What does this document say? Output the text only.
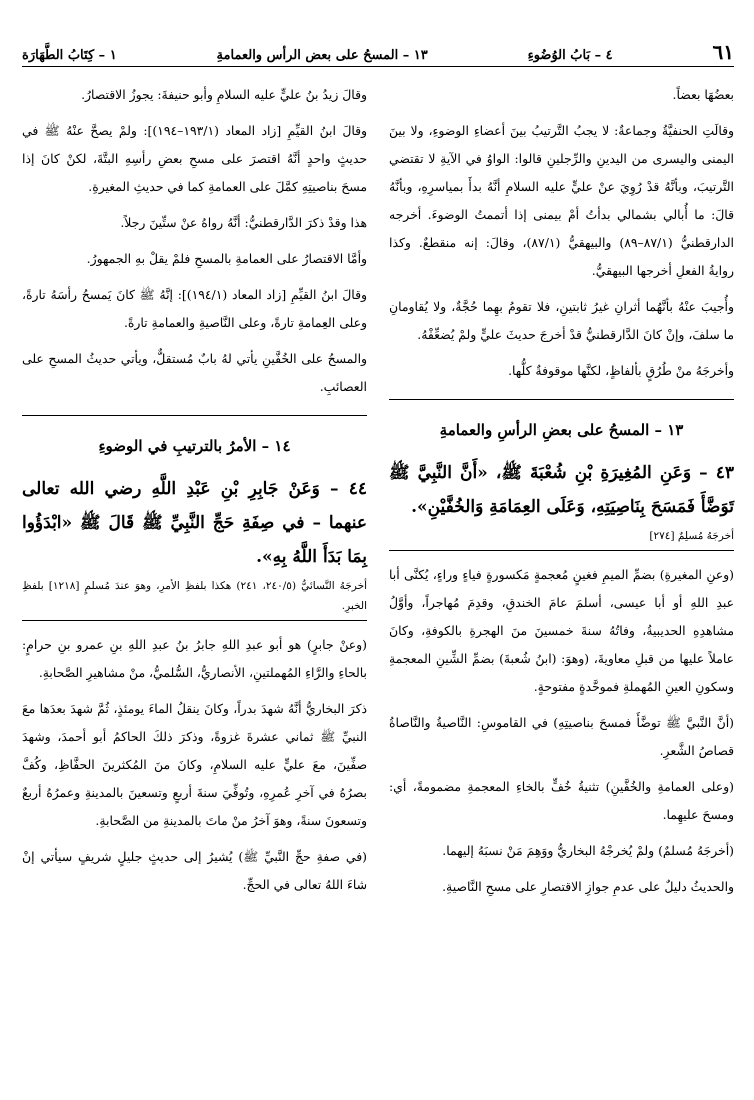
٦١
٤ – بَابُ الوُضُوءِ
١٣ – المسحُ على بعض الرأس والعمامةِ
١ – كِتَابُ الطَّهَارَة

بعضُهَا بعضاً.

وقالَتِ الحنفيَّةُ وجماعةٌ: لا يجبُ التَّرتيبُ بينَ أعضاءِ الوضوءِ، ولا بينَ اليمنى واليسرى من اليدينِ والرِّجلينِ قالوا: الواوُ في الآيةِ لا تقتضي التَّرتيبَ، وبأنَّهُ قدْ رُوِيَ عنْ عليٍّ عليه السلامِ أنَّهُ بدأَ بمياسرِهِ، وبأنَّهُ قالَ: ما أُبالي بشمالي بدأتُ أمْ بيمنى إذا أتممتُ الوضوءَ. أخرجه الدارقطنيُّ (٨٧/١–٨٩) والبيهقيُّ (٨٧/١)، وقالَ: إنه منقطعٌ. وكذا روايةُ الفعلِ أخرجها البيهقيُّ.

وأُجيبَ عنْهُ بأنَّهُما أثرانِ غيرُ ثابتينِ، فلا تقومُ بهِما حُجَّةٌ، ولا يُقاومانِ ما سلفَ، وإنْ كانَ الدَّارقطنيُّ قدْ أخرجَ حديثَ عليٍّ ولمْ يُضعِّفْهُ.

وأخرجَهُ منْ طُرُقٍ بألفاظٍ، لكنَّها موقوفةٌ كلُّها.

١٣ – المسحُ على بعضِ الرأسِ والعمامةِ
٤٣ – وَعَنِ المُغِيرَةِ بْنِ شُعْبَةَ ﷺ، «أَنَّ النَّبِيَّ ﷺ تَوَضَّأَ فَمَسَحَ بِنَاصِيَتِهِ، وَعَلَى العِمَامَةِ وَالخُفَّيْنِ».
أخرجَهُ مُسلِمٌ [٢٧٤]

(وعنِ المغيرةِ) بضمِّ الميمِ فغينٍ مُعجمةٍ مَكسورةٍ فياءٍ وراءٍ، يُكنَّى أبا عبدِ اللهِ أو أبا عيسى، أسلمَ عامَ الخندقِ، وقدِمَ مُهاجراً، وأوَّلُ مشاهدِهِ الحديبيةُ، وفاتُهُ سنةَ خمسينَ منَ الهجرةِ بالكوفةِ، وكانَ عاملاً عليها من قبلِ معاويةَ، (وهوَ: (ابنُ شُعبةَ) بضمِّ الشِّينِ المعجمةِ وسكونِ العينِ المُهملةِ فموحَّدةٍ مفتوحةٍ.

(أنَّ النَّبيَّ ﷺ توضَّأَ فمسحَ بناصيتِهِ) في القاموسِ: النَّاصيةُ والنَّاصاةُ قصاصُ الشَّعرِ.

(وعلى العمامةِ والخُفَّينِ) تثنيةُ خُفٍّ بالخاءِ المعجمةِ مضمومةً، أي: ومسحَ عليهِما.

(أخرجَهُ مُسلمٌ) ولمْ يُخرجْهُ البخاريُّ ووَهِمَ مَنْ نسبَهُ إليهما.

والحديثُ دليلٌ على عدمِ جوازِ الاقتصارِ على مسحِ النَّاصيةِ.

وقالَ زيدُ بنُ عليٍّ عليه السلامِ وأبو حنيفةَ: يجوزُ الاقتصارُ.

وقالَ ابنُ القيِّمِ [زاد المعاد (١٩٣/١–١٩٤)]: ولمْ يصحَّ عنْهُ ﷺ في حديثٍ واحدٍ أنَّهُ اقتصرَ على مسحِ بعضِ رأسِهِ البتَّةَ، لكنْ كانَ إذا مسحَ بناصيتِهِ كمَّلَ على العمامةِ كما في حديثِ المغيرةِ.

هذا وقدْ ذكرَ الدَّارقطنيُّ: أنَّهُ رواهُ عنْ ستِّينَ رجلاً.

وأمَّا الاقتصارُ على العمامةِ بالمسحِ فلمْ يقلْ بهِ الجمهورُ.

وقالَ ابنُ القيِّمِ [زاد المعاد (١٩٤/١)]: إنَّهُ ﷺ كانَ يَمسحُ رأسَهُ تارةً، وعلى العِمامةِ تارةً، وعلى النَّاصيةِ والعمامةِ تارةً.

والمسحُ على الخُفَّينِ يأتي لهُ بابٌ مُستقلٌّ، ويأتي حديثُ المسحِ على العصائبِ.

١٤ – الأمرُ بالترتيبِ في الوضوءِ
٤٤ – وَعَنْ جَابِرِ بْنِ عَبْدِ اللَّهِ رضي الله تعالى عنهما – في صِفَةِ حَجِّ النَّبِيِّ ﷺ قَالَ ﷺ «ابْدَؤُوا بِمَا بَدَأَ اللَّهُ بِهِ».
أخرجَهُ النَّسائيُّ (٢٤٠/٥، ٢٤١) هكذا بلفظِ الأمرِ، وهوَ عندَ مُسلمٍ [١٢١٨] بلفظِ الخبرِ.

(وعنْ جابرٍ) هو أبو عبدِ اللهِ جابرُ بنُ عبدِ اللهِ بنِ عمرو بنِ حرامٍ: بالحاءِ والرَّاءِ المُهملتينِ، الأنصاريُّ، السُّلميُّ، منْ مشاهيرِ الصَّحابةِ.

ذكرَ البخاريُّ أنَّهُ شهدَ بدراً، وكانَ ينقلُ الماءَ يومئذٍ، ثُمَّ شهدَ بعدَها معَ النبيِّ ﷺ ثماني عشرةَ غزوةً، وذكرَ ذلكَ الحاكمُ أبو أحمدَ، وشهدَ صفِّينَ، معَ عليٍّ عليه السلامِ، وكانَ منَ المُكثرينَ الحفَّاظِ، وكُفَّ بصرُهُ في آخرِ عُمرِهِ، وتُوفِّيَ سنةَ أربعٍ وتسعينَ بالمدينةِ وعمرُهُ أربعٌ وتسعونَ سنةً، وهوَ آخرُ منْ ماتَ بالمدينةِ من الصَّحابةِ.

(في صفةِ حجِّ النَّبيِّ ﷺ) يُشيرُ إلى حديثٍ جليلٍ شريفٍ سيأتي إنْ شاءَ اللهُ تعالى في الحجِّ.
